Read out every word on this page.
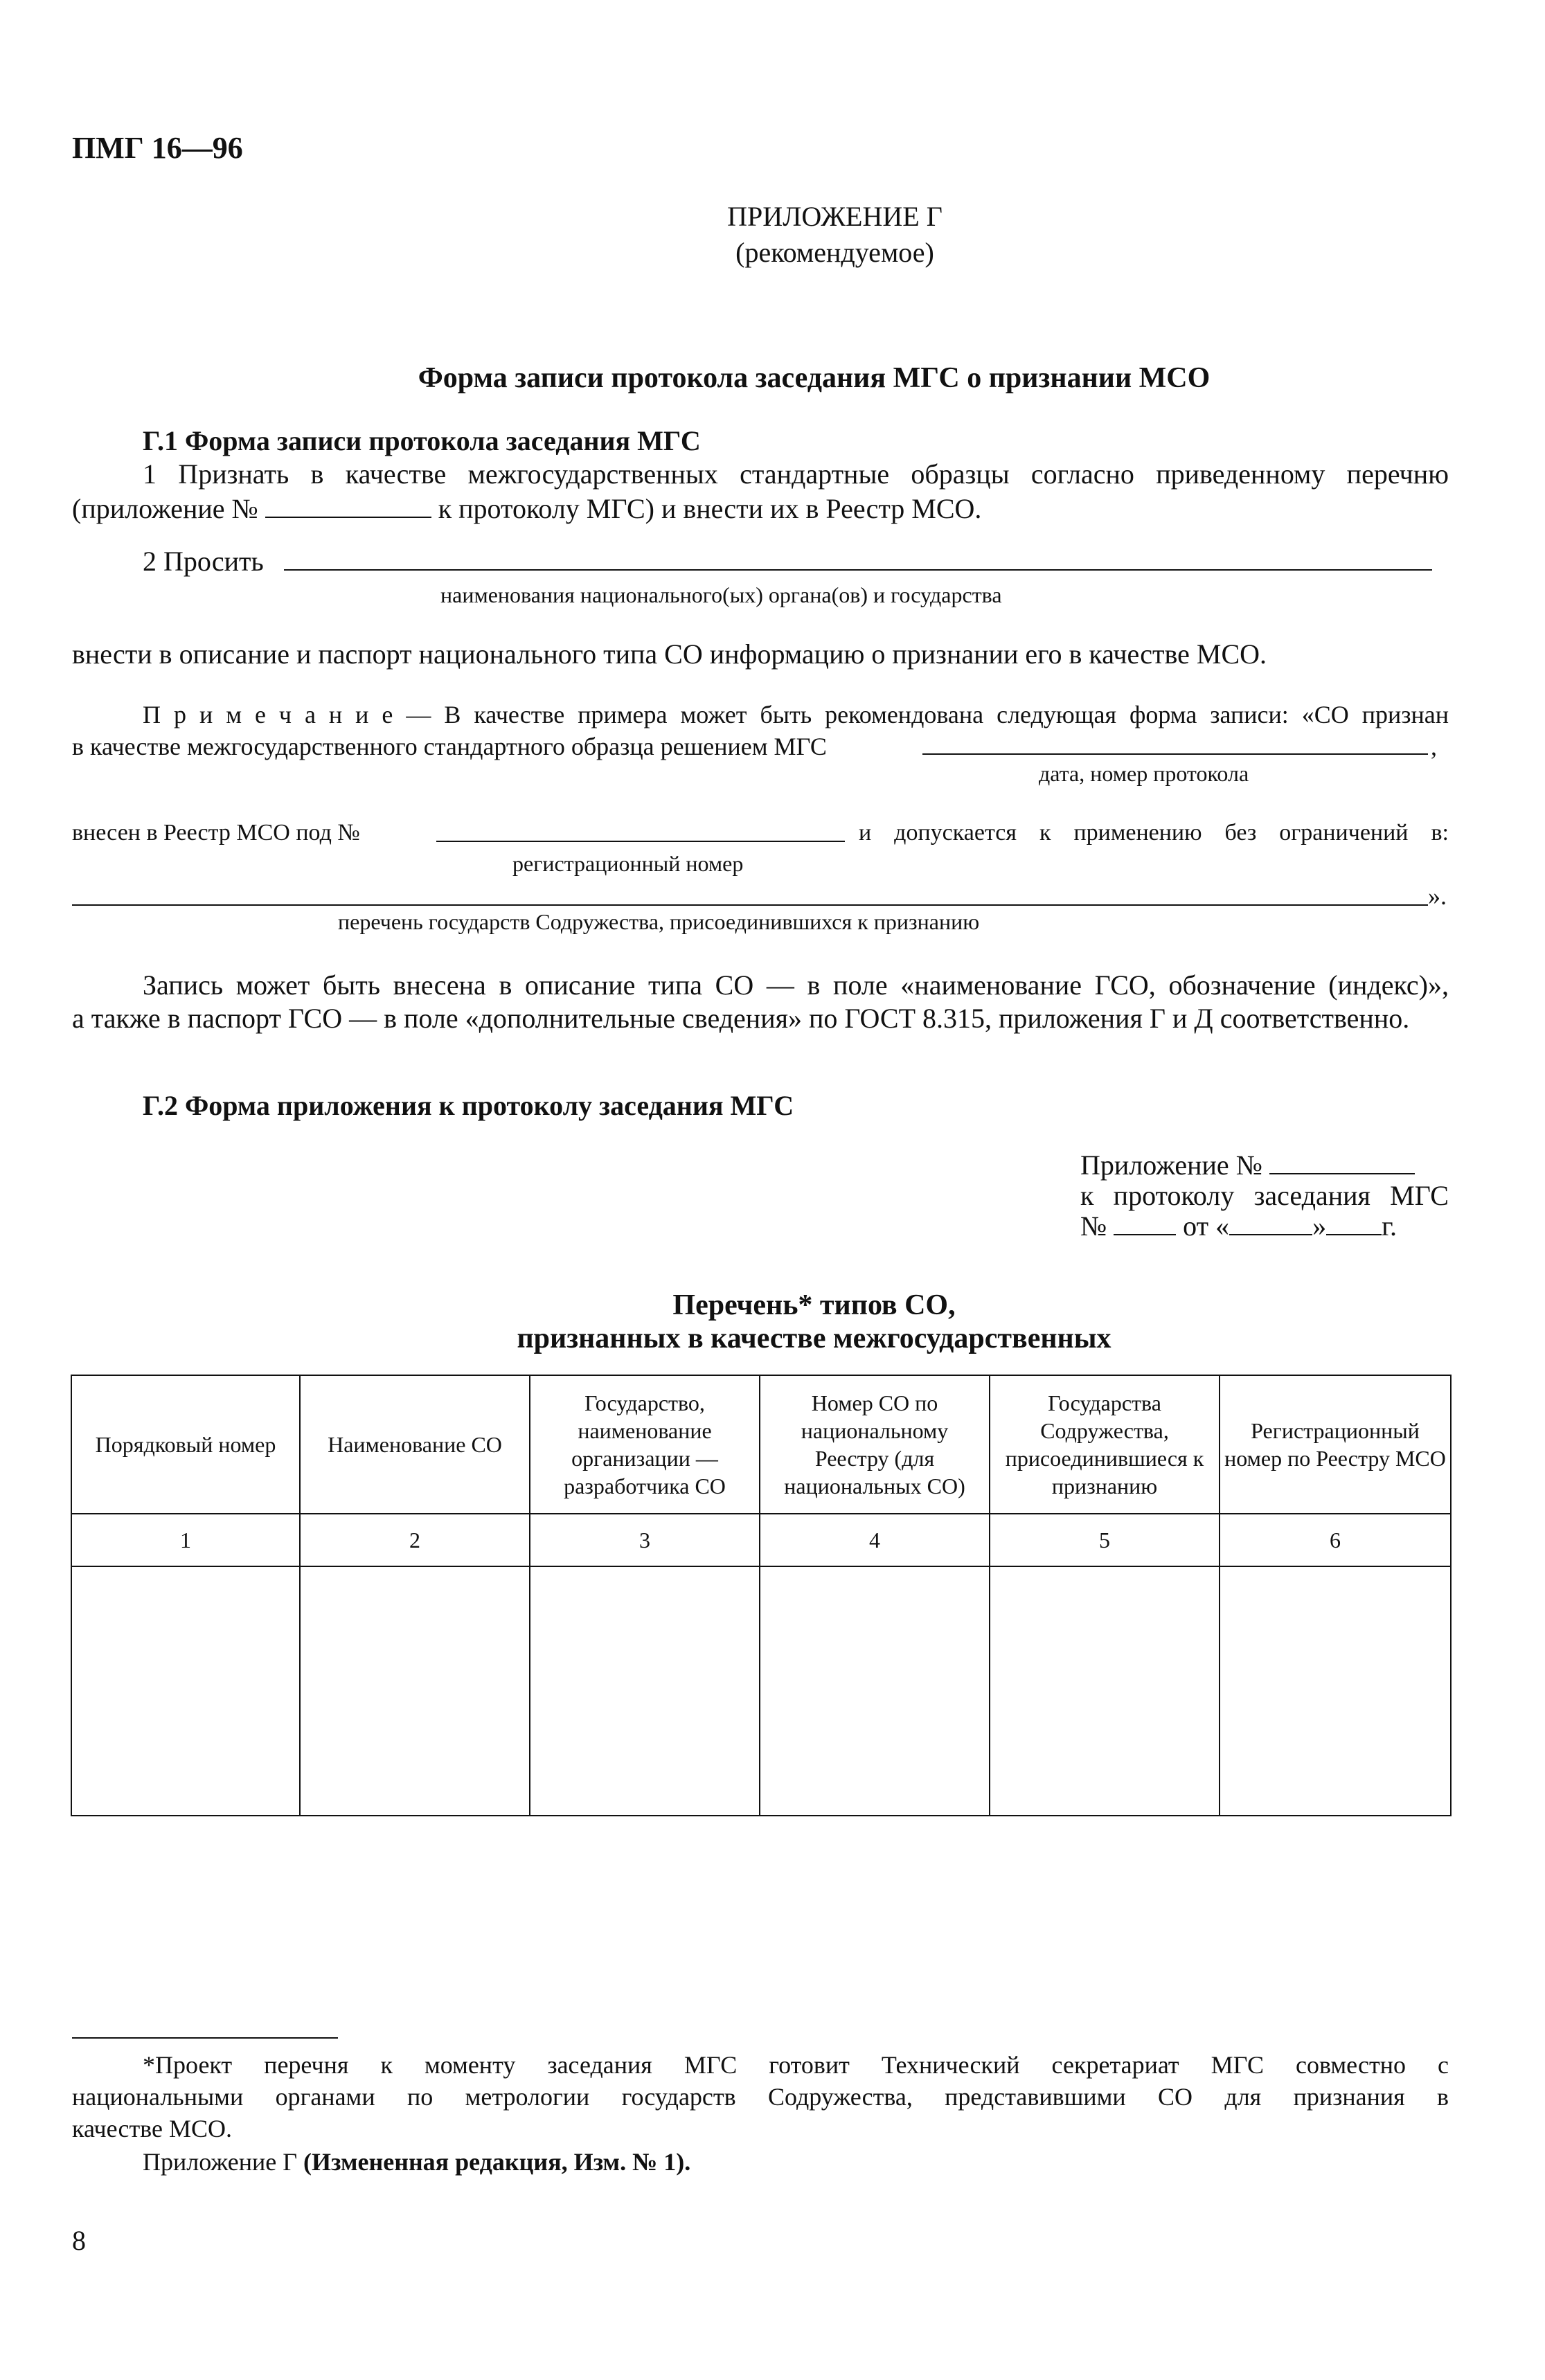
ПМГ 16—96
ПРИЛОЖЕНИЕ Г
(рекомендуемое)
Форма записи протокола заседания МГС о признании МСО
Г.1 Форма записи протокола заседания МГС
1 Признать в качестве межгосударственных стандартные образцы согласно приведенному перечню
(приложение №	к протоколу МГС) и внести их в Реестр МСО.
2 Просить
наименования национального(ых) органа(ов) и государства
внести в описание и паспорт национального типа СО информацию о признании его в качестве МСО.
П р и м е ч а н и е — В качестве примера может быть рекомендована следующая форма записи: «СО признан
в качестве межгосударственного стандартного образца решением МГС	,
дата, номер протокола
внесен в Реестр МСО под №	и допускается к применению без ограничений в:
регистрационный номер
».
перечень государств Содружества, присоединившихся к признанию
Запись может быть внесена в описание типа СО — в поле «наименование ГСО, обозначение (индекс)»,
а также в паспорт ГСО — в поле «дополнительные сведения» по ГОСТ 8.315, приложения Г и Д соответственно.
Г.2 Форма приложения к протоколу заседания МГС
Приложение №
к протоколу заседания МГС
№	от «	» г.
Перечень* типов СО,
признанных в качестве межгосударственных
Порядковый номер	Наименование СО	Государство, наименование организации — разработчика СО	Номер СО по национальному Реестру (для национальных СО)	Государства Содружества, присоединившиеся к признанию	Регистрационный номер по Реестру МСО
1	2	3	4	5	6

*Проект перечня к моменту заседания МГС готовит Технический секретариат МГС совместно с
национальными органами по метрологии государств Содружества, представившими СО для признания в
качестве МСО.
Приложение Г (Измененная редакция, Изм. № 1).
8
